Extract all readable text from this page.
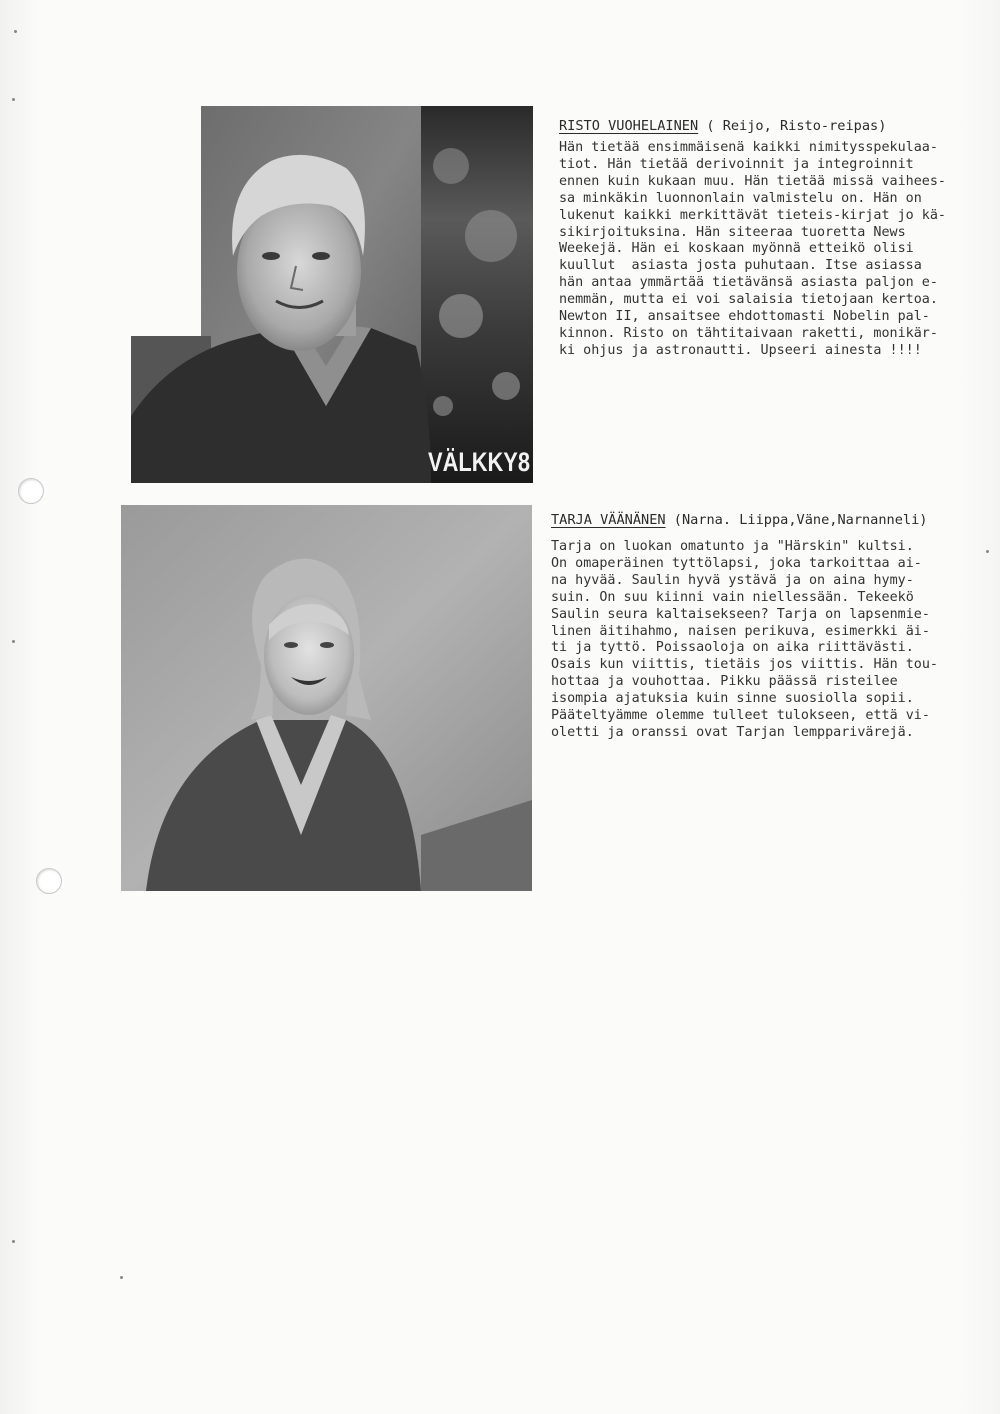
VÄLKKY8
RISTO VUOHELAINEN ( Reijo, Risto-reipas)
Hän tietää ensimmäisenä kaikki nimitysspekulaa-
tiot. Hän tietää derivoinnit ja integroinnit
ennen kuin kukaan muu. Hän tietää missä vaihees-
sa minkäkin luonnonlain valmistelu on. Hän on
lukenut kaikki merkittävät tieteis-kirjat jo kä-
sikirjoituksina. Hän siteeraa tuoretta News
Weekejä. Hän ei koskaan myönnä etteikö olisi
kuullut  asiasta josta puhutaan. Itse asiassa
hän antaa ymmärtää tietävänsä asiasta paljon e-
nemmän, mutta ei voi salaisia tietojaan kertoa.
Newton II, ansaitsee ehdottomasti Nobelin pal-
kinnon. Risto on tähtitaivaan raketti, monikär-
ki ohjus ja astronautti. Upseeri ainesta !!!!
TARJA VÄÄNÄNEN (Narna. Liippa,Väne,Narnanneli)
Tarja on luokan omatunto ja "Härskin" kultsi.
On omaperäinen tyttölapsi, joka tarkoittaa ai-
na hyvää. Saulin hyvä ystävä ja on aina hymy-
suin. On suu kiinni vain niellessään. Tekeekö
Saulin seura kaltaisekseen? Tarja on lapsenmie-
linen äitihahmo, naisen perikuva, esimerkki äi-
ti ja tyttö. Poissaoloja on aika riittävästi.
Osais kun viittis, tietäis jos viittis. Hän tou-
hottaa ja vouhottaa. Pikku päässä risteilee
isompia ajatuksia kuin sinne suosiolla sopii.
Pääteltyämme olemme tulleet tulokseen, että vi-
oletti ja oranssi ovat Tarjan lempparivärejä.
